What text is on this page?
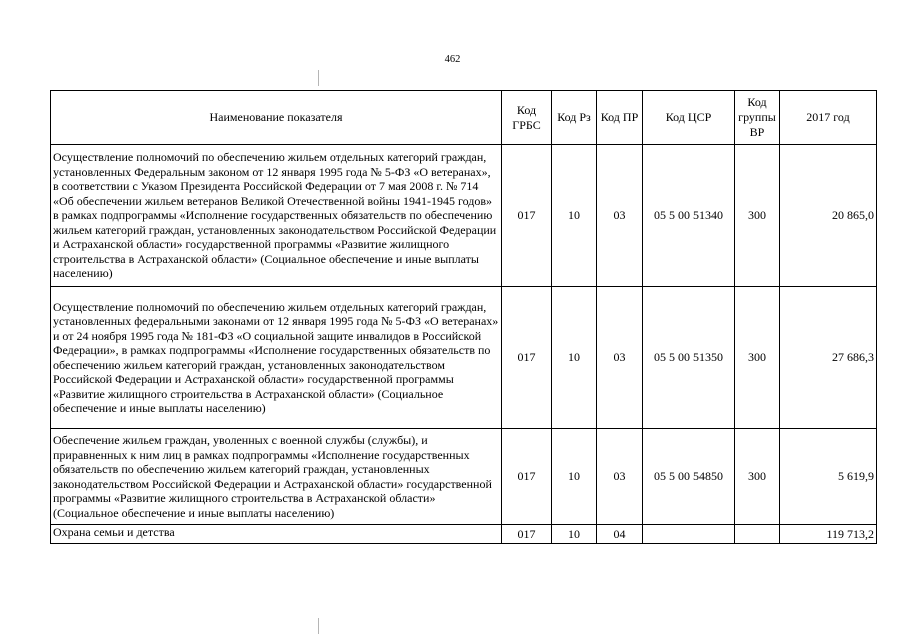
462
Наименование показателя	Код ГРБС	Код Рз	Код ПР	Код ЦСР	Код группы ВР	2017 год
Осуществление полномочий по обеспечению жильем отдельных категорий граждан, установленных Федеральным законом от 12 января 1995 года № 5-ФЗ «О ветеранах», в соответствии с Указом Президента Российской Федерации от 7 мая 2008 г. № 714 «Об обеспечении жильем ветеранов Великой Отечественной войны 1941-1945 годов» в рамках подпрограммы «Исполнение государственных обязательств по обеспечению жильем категорий граждан, установленных законодательством Российской Федерации и Астраханской области» государственной программы «Развитие жилищного строительства в Астраханской области» (Социальное обеспечение и иные выплаты населению)	017	10	03	05 5 00 51340	300	20 865,0
Осуществление полномочий по обеспечению жильем отдельных категорий граждан, установленных федеральными законами от 12 января 1995 года № 5-ФЗ «О ветеранах» и от 24 ноября 1995 года № 181-ФЗ «О социальной защите инвалидов в Российской Федерации», в рамках подпрограммы «Исполнение государственных обязательств по обеспечению жильем категорий граждан, установленных законодательством Российской Федерации и Астраханской области» государственной программы «Развитие жилищного строительства в Астраханской области» (Социальное обеспечение и иные выплаты населению)	017	10	03	05 5 00 51350	300	27 686,3
Обеспечение жильем граждан, уволенных с военной службы (службы), и приравненных к ним лиц в рамках подпрограммы «Исполнение государственных обязательств по обеспечению жильем категорий граждан, установленных законодательством Российской Федерации и Астраханской области» государственной программы «Развитие жилищного строительства в Астраханской области» (Социальное обеспечение и иные выплаты населению)	017	10	03	05 5 00 54850	300	5 619,9
Охрана семьи и детства	017	10	04			119 713,2
